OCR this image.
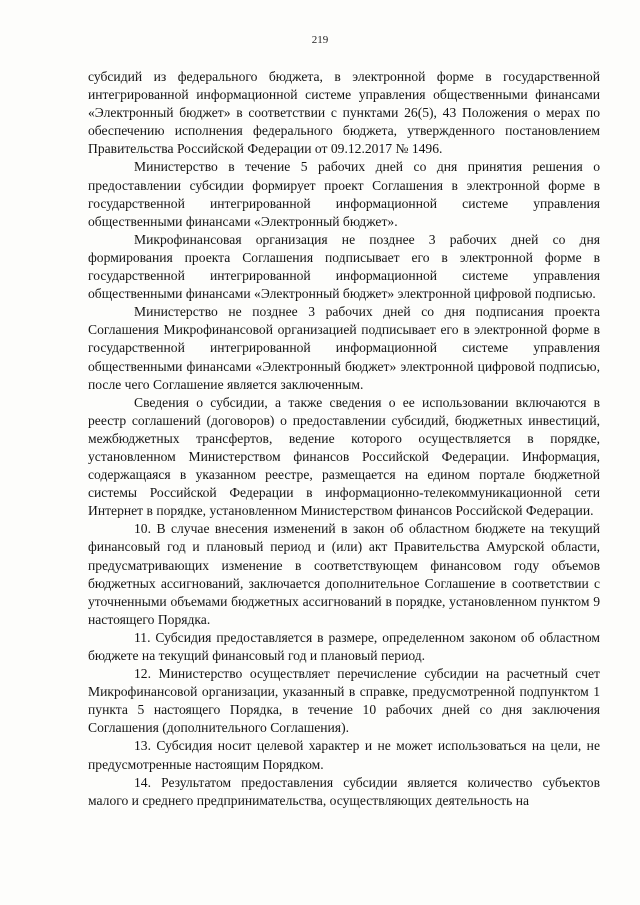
219

субсидий из федерального бюджета, в электронной форме в государственной интегрированной информационной системе управления общественными финансами «Электронный бюджет» в соответствии с пунктами 26(5), 43 Положения о мерах по обеспечению исполнения федерального бюджета, утвержденного постановлением Правительства Российской Федерации от 09.12.2017 № 1496.

Министерство в течение 5 рабочих дней со дня принятия решения о предоставлении субсидии формирует проект Соглашения в электронной форме в государственной интегрированной информационной системе управления общественными финансами «Электронный бюджет».

Микрофинансовая организация не позднее 3 рабочих дней со дня формирования проекта Соглашения подписывает его в электронной форме в государственной интегрированной информационной системе управления общественными финансами «Электронный бюджет» электронной цифровой подписью.

Министерство не позднее 3 рабочих дней со дня подписания проекта Соглашения Микрофинансовой организацией подписывает его в электронной форме в государственной интегрированной информационной системе управления общественными финансами «Электронный бюджет» электронной цифровой подписью, после чего Соглашение является заключенным.

Сведения о субсидии, а также сведения о ее использовании включаются в реестр соглашений (договоров) о предоставлении субсидий, бюджетных инвестиций, межбюджетных трансфертов, ведение которого осуществляется в порядке, установленном Министерством финансов Российской Федерации. Информация, содержащаяся в указанном реестре, размещается на едином портале бюджетной системы Российской Федерации в информационно-телекоммуникационной сети Интернет в порядке, установленном Министерством финансов Российской Федерации.

10. В случае внесения изменений в закон об областном бюджете на текущий финансовый год и плановый период и (или) акт Правительства Амурской области, предусматривающих изменение в соответствующем финансовом году объемов бюджетных ассигнований, заключается дополнительное Соглашение в соответствии с уточненными объемами бюджетных ассигнований в порядке, установленном пунктом 9 настоящего Порядка.

11. Субсидия предоставляется в размере, определенном законом об областном бюджете на текущий финансовый год и плановый период.

12. Министерство осуществляет перечисление субсидии на расчетный счет Микрофинансовой организации, указанный в справке, предусмотренной подпунктом 1 пункта 5 настоящего Порядка, в течение 10 рабочих дней со дня заключения Соглашения (дополнительного Соглашения).

13. Субсидия носит целевой характер и не может использоваться на цели, не предусмотренные настоящим Порядком.

14. Результатом предоставления субсидии является количество субъектов малого и среднего предпринимательства, осуществляющих деятельность на
